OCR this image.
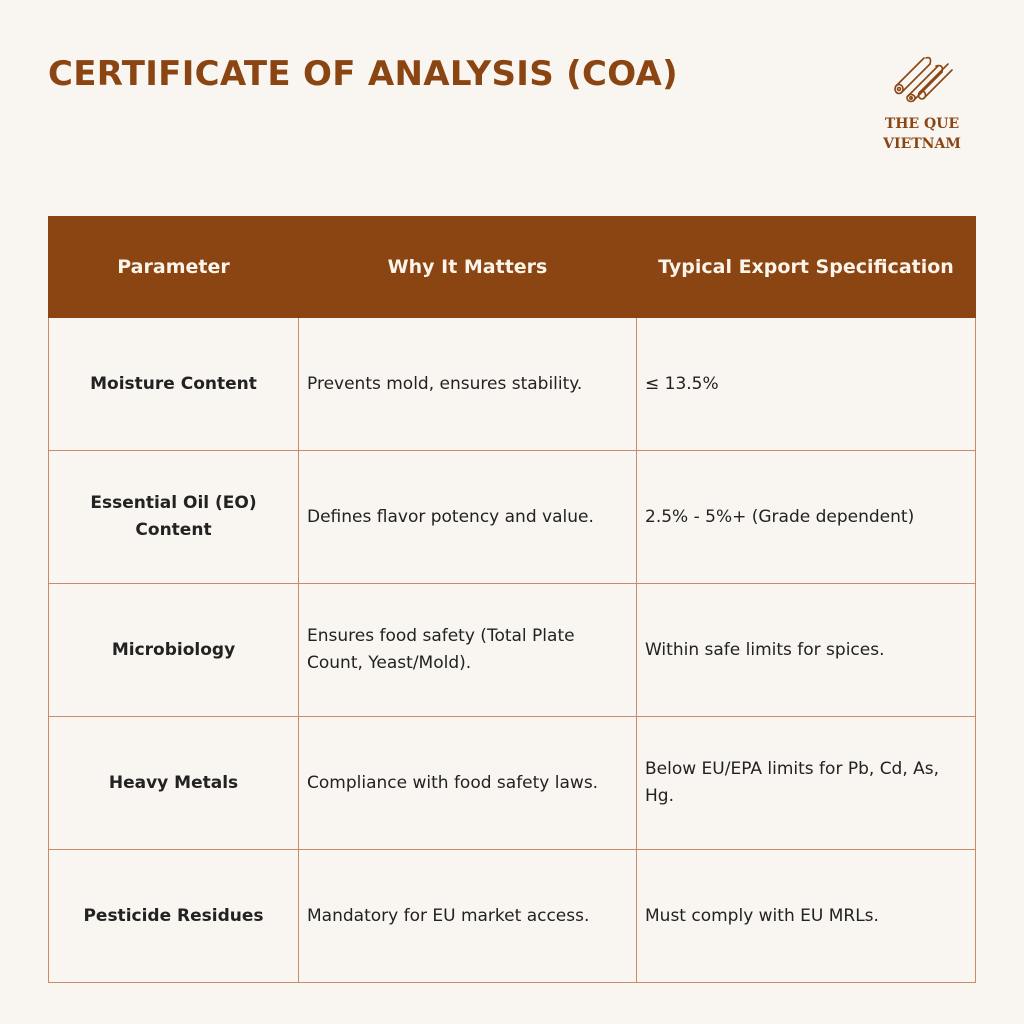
CERTIFICATE OF ANALYSIS (COA)
THE QUE
VIETNAM
Parameter	Why It Matters	Typical Export Specification
Moisture Content	Prevents mold, ensures stability.	≤ 13.5%
Essential Oil (EO) Content	Defines flavor potency and value.	2.5% - 5%+ (Grade dependent)
Microbiology	Ensures food safety (Total Plate Count, Yeast/Mold).	Within safe limits for spices.
Heavy Metals	Compliance with food safety laws.	Below EU/EPA limits for Pb, Cd, As, Hg.
Pesticide Residues	Mandatory for EU market access.	Must comply with EU MRLs.
